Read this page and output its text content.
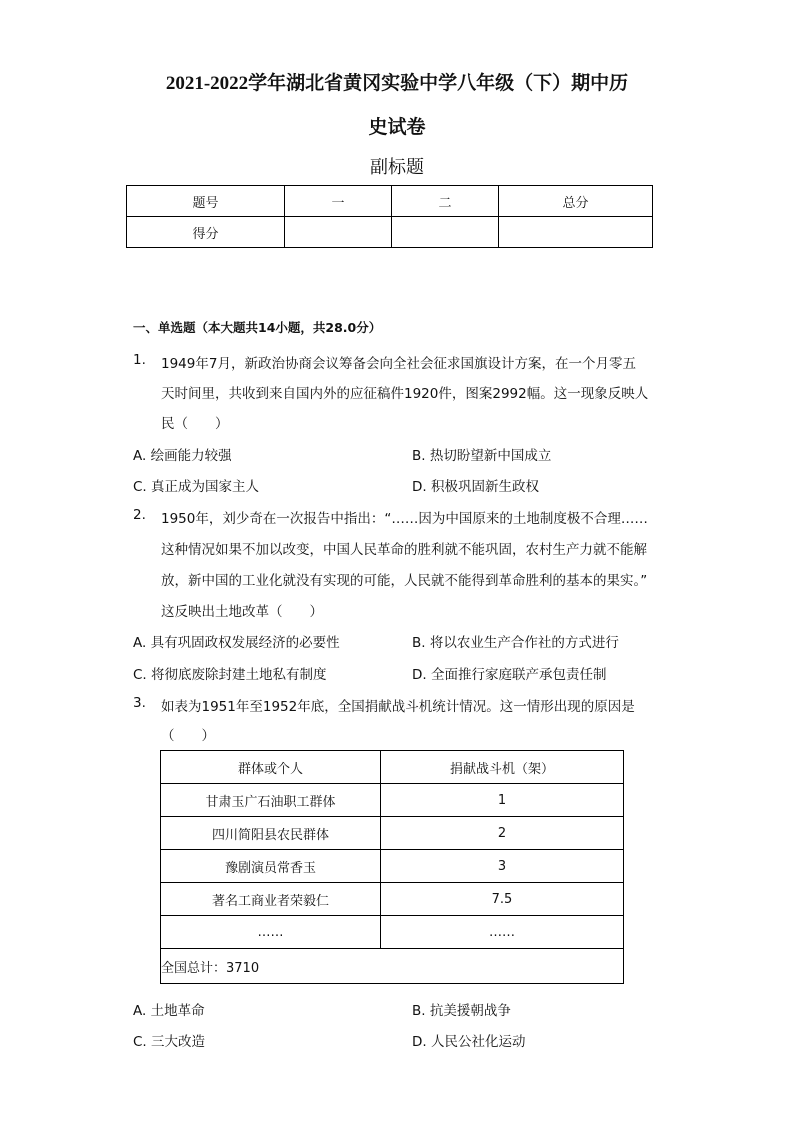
2021-2022学年湖北省黄冈实验中学八年级（下）期中历
史试卷
副标题
题号	一	二	总分
得分			
一、单选题（本大题共14小题，共28.0分）
1. 1949年7月，新政治协商会议筹备会向全社会征求国旗设计方案，在一个月零五
天时间里，共收到来自国内外的应征稿件1920件，图案2992幅。这一现象反映人
民（　　）
A. 绘画能力较强	B. 热切盼望新中国成立
C. 真正成为国家主人	D. 积极巩固新生政权
2. 1950年，刘少奇在一次报告中指出：“……因为中国原来的土地制度极不合理……
这种情况如果不加以改变，中国人民革命的胜利就不能巩固，农村生产力就不能解
放，新中国的工业化就没有实现的可能，人民就不能得到革命胜利的基本的果实。”
这反映出土地改革（　　）
A. 具有巩固政权发展经济的必要性	B. 将以农业生产合作社的方式进行
C. 将彻底废除封建土地私有制度	D. 全面推行家庭联产承包责任制
3. 如表为1951年至1952年底，全国捐献战斗机统计情况。这一情形出现的原因是
（　　）
群体或个人	捐献战斗机（架）
甘肃玉广石油职工群体	1
四川简阳县农民群体	2
豫剧演员常香玉	3
著名工商业者荣毅仁	7.5
……	……
全国总计：3710	
A. 土地革命	B. 抗美援朝战争
C. 三大改造	D. 人民公社化运动
